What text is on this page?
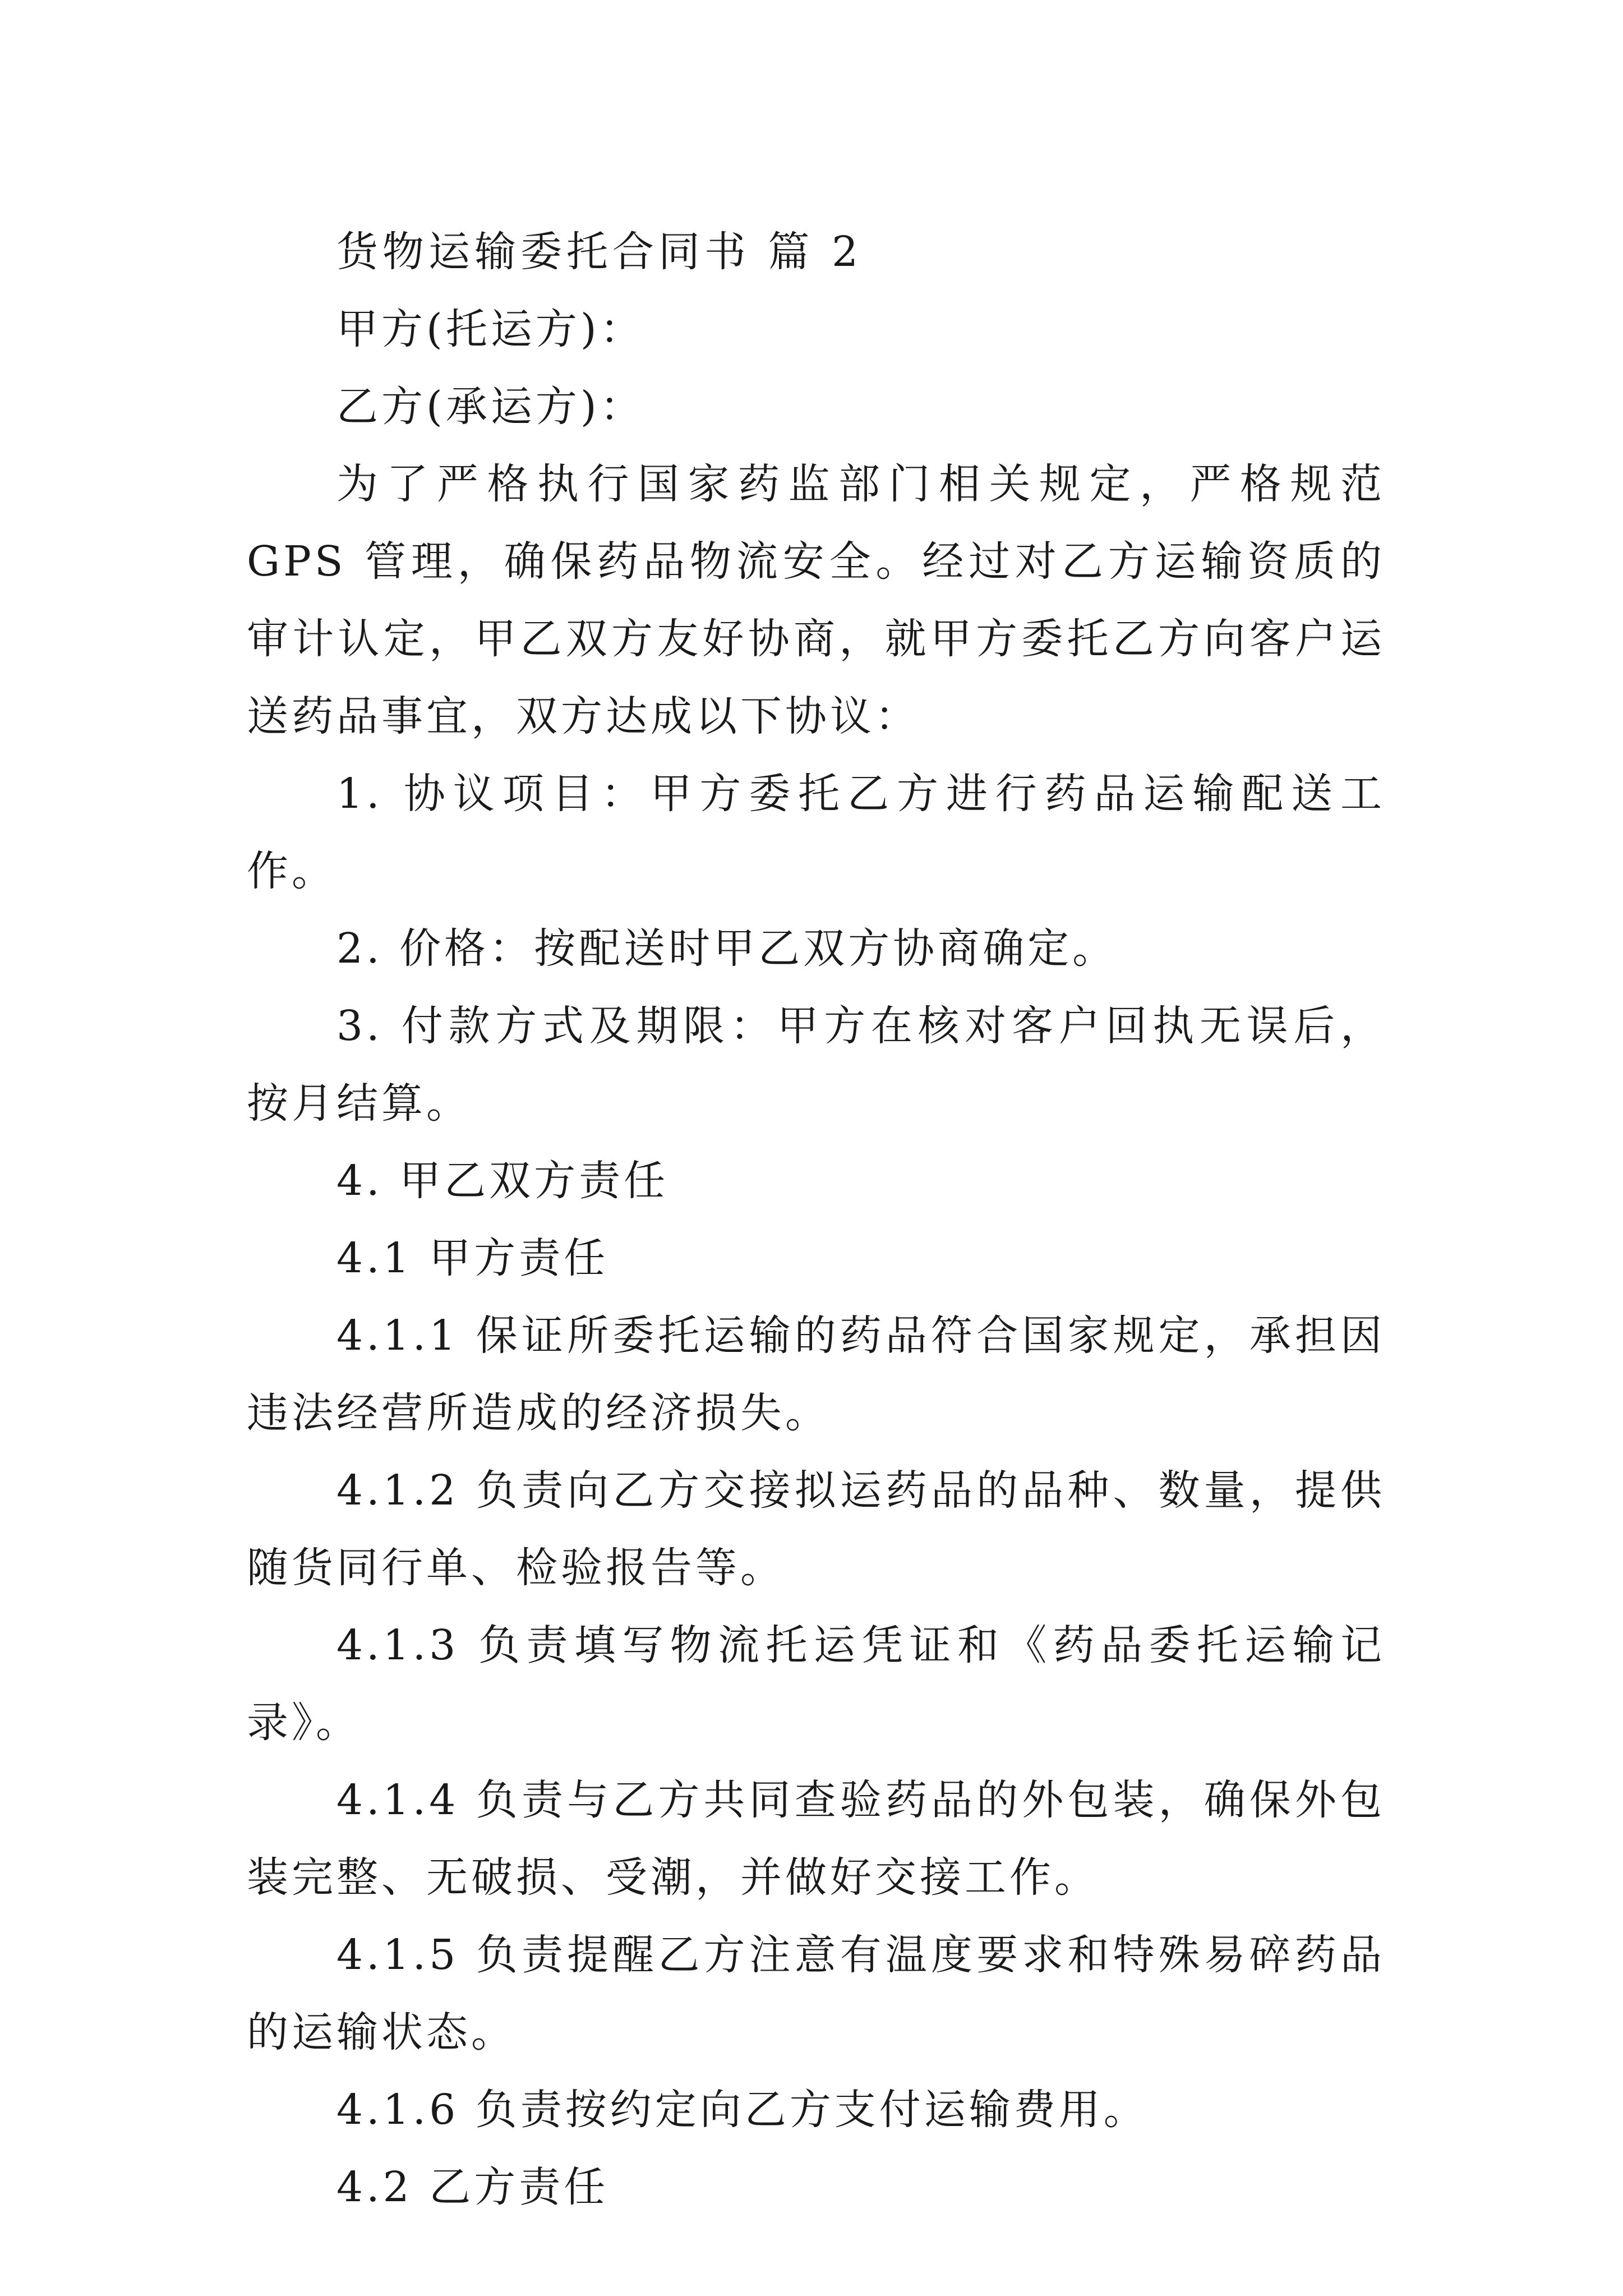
货物运输委托合同书 篇 2

甲方(托运方)：

乙方(承运方)：

为了严格执行国家药监部门相关规定，严格规范 GPS 管理，确保药品物流安全。经过对乙方运输资质的审计认定，甲乙双方友好协商，就甲方委托乙方向客户运送药品事宜，双方达成以下协议：

1. 协议项目：甲方委托乙方进行药品运输配送工作。

2. 价格：按配送时甲乙双方协商确定。

3. 付款方式及期限：甲方在核对客户回执无误后，按月结算。

4. 甲乙双方责任

4.1 甲方责任

4.1.1 保证所委托运输的药品符合国家规定，承担因违法经营所造成的经济损失。

4.1.2 负责向乙方交接拟运药品的品种、数量，提供随货同行单、检验报告等。

4.1.3 负责填写物流托运凭证和《药品委托运输记录》。

4.1.4 负责与乙方共同查验药品的外包装，确保外包装完整、无破损、受潮，并做好交接工作。

4.1.5 负责提醒乙方注意有温度要求和特殊易碎药品的运输状态。

4.1.6 负责按约定向乙方支付运输费用。

4.2 乙方责任
